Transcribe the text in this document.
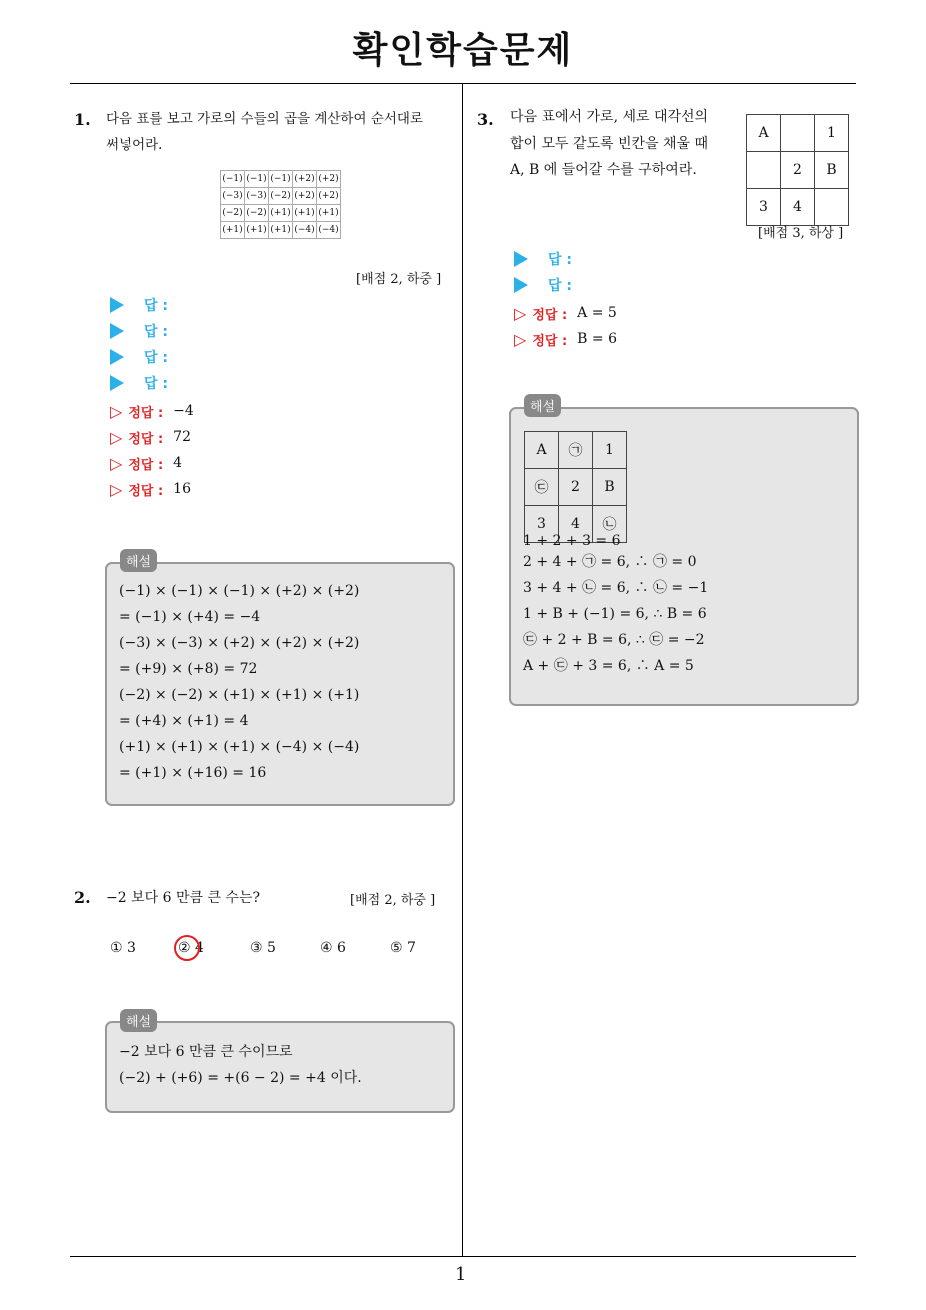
확인학습문제
1
1. 다음 표를 보고 가로의 수들의 곱을 계산하여 순서대로
써넣어라.
(−1)	(−1)	(−1)	(+2)	(+2)
(−3)	(−3)	(−2)	(+2)	(+2)
(−2)	(−2)	(+1)	(+1)	(+1)
(+1)	(+1)	(+1)	(−4)	(−4)
[배점 2, 하중 ]
답 :
답 :
답 :
답 :
▷ 정답 : −4
▷ 정답 : 72
▷ 정답 : 4
▷ 정답 : 16
(−1) × (−1) × (−1) × (+2) × (+2)
= (−1) × (+4) = −4
(−3) × (−3) × (+2) × (+2) × (+2)
= (+9) × (+8) = 72
(−2) × (−2) × (+1) × (+1) × (+1)
= (+4) × (+1) = 4
(+1) × (+1) × (+1) × (−4) × (−4)
= (+1) × (+16) = 16
해설
2. −2 보다 6 만큼 큰 수는?	[배점 2, 하중 ]
① 3	② 4	③ 5	④ 6	⑤ 7
−2 보다 6 만큼 큰 수이므로
(−2) + (+6) = +(6 − 2) = +4 이다.
해설
3. 다음 표에서 가로, 세로 대각선의
합이 모두 같도록 빈칸을 채울 때
A, B 에 들어갈 수를 구하여라.
A		1
	2	B
3	4	
[배점 3, 하상 ]
답 :
답 :
▷ 정답 : A = 5
▷ 정답 : B = 6
A	㉠	1
㉢	2	B
3	4	㉡
1 + 2 + 3 = 6
2 + 4 + ㉠ = 6, ∴ ㉠ = 0
3 + 4 + ㉡ = 6, ∴ ㉡ = −1
1 + B + (−1) = 6, ∴ B = 6
㉢ + 2 + B = 6, ∴ ㉢ = −2
A + ㉢ + 3 = 6, ∴ A = 5
해설
